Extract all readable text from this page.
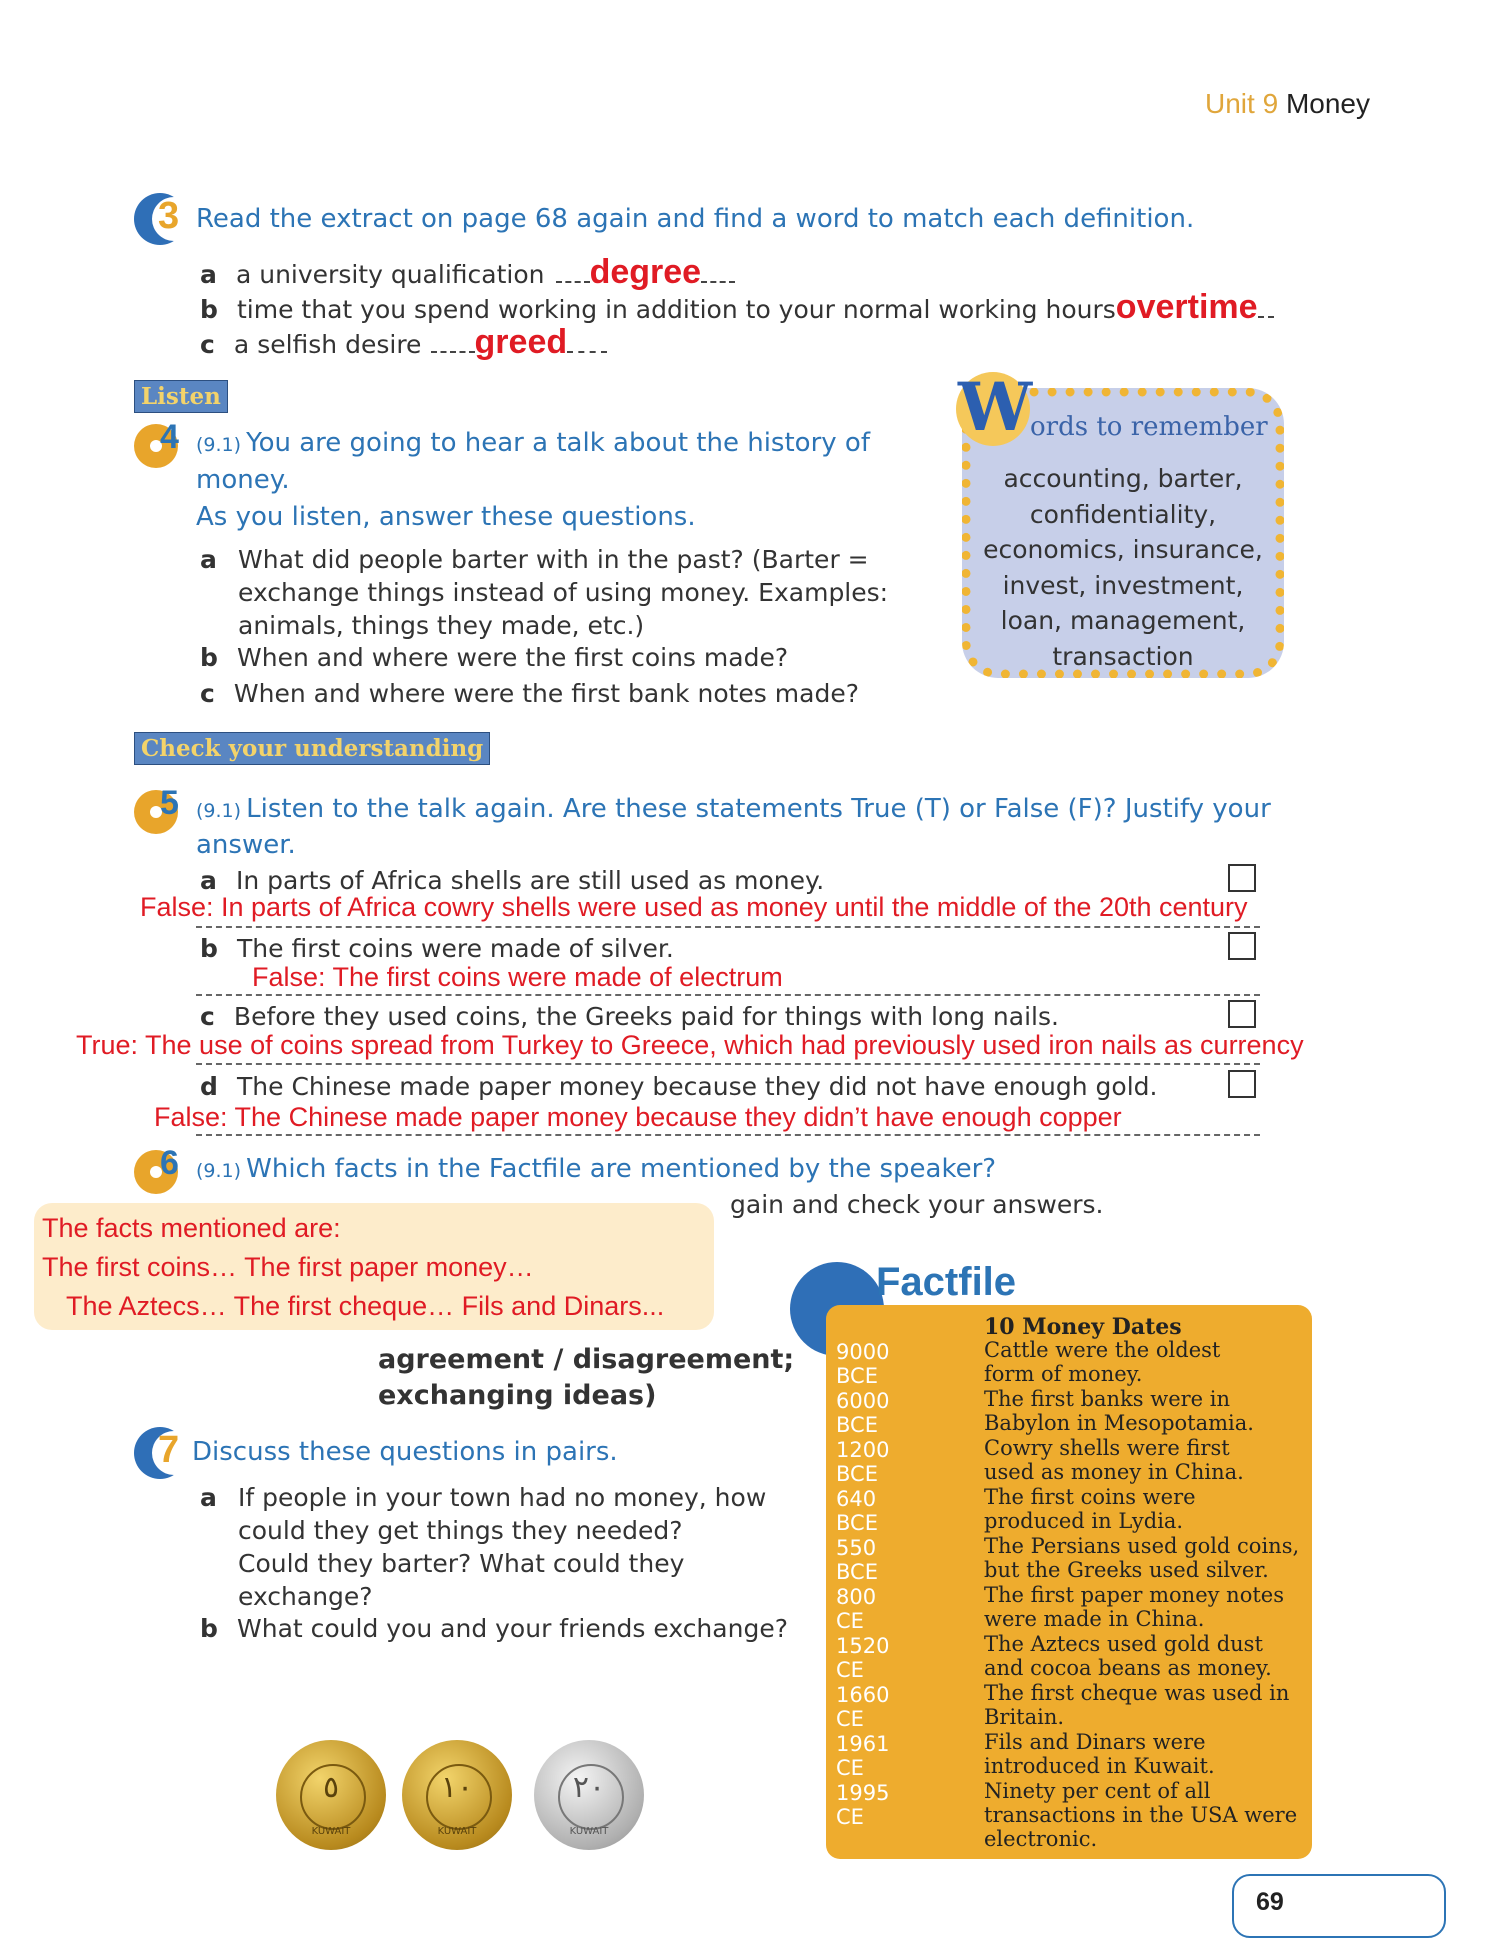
Unit 9 Money
3 Read the extract on page 68 again and find a word to match each definition.
a a university qualification degree
b time that you spend working in addition to your normal working hoursovertime
c a selfish desire greed
Listen
4 (9.1) You are going to hear a talk about the history of
money.
As you listen, answer these questions.
a What did people barter with in the past? (Barter =
exchange things instead of using money. Examples:
animals, things they made, etc.)
b When and where were the first coins made?
c When and where were the first bank notes made?
accounting, barter,
confidentiality,
economics, insurance,
invest, investment,
loan, management,
transaction
W
ords to remember
Check your understanding
5 (9.1) Listen to the talk again. Are these statements True (T) or False (F)? Justify your
answer.
a In parts of Africa shells are still used as money.
False: In parts of Africa cowry shells were used as money until the middle of the 20th century
b The first coins were made of silver.
False: The first coins were made of electrum
c Before they used coins, the Greeks paid for things with long nails.
True: The use of coins spread from Turkey to Greece, which had previously used iron nails as currency
d The Chinese made paper money because they did not have enough gold.
False: The Chinese made paper money because they didn’t have enough copper
6 (9.1) Which facts in the Factfile are mentioned by the speaker?
gain and check your answers.
The facts mentioned are:
The first coins… The first paper money…
The Aztecs… The first cheque… Fils and Dinars...
agreement / disagreement;
exchanging ideas)
7 Discuss these questions in pairs.
a If people in your town had no money, how
could they get things they needed?
Could they barter? What could they
exchange?
b What could you and your friends exchange?
٥
KUWAIT
١٠
KUWAIT
٢٠
KUWAIT
Factfile
10 Money Dates
9000 BCE
Cattle were the oldest
form of money.
6000 BCE
The first banks were in
Babylon in Mesopotamia.
1200 BCE
Cowry shells were first
used as money in China.
640 BCE
The first coins were
produced in Lydia.
550 BCE
The Persians used gold coins,
but the Greeks used silver.
800 CE
The first paper money notes
were made in China.
1520 CE
The Aztecs used gold dust
and cocoa beans as money.
1660 CE
The first cheque was used in
Britain.
1961 CE
Fils and Dinars were
introduced in Kuwait.
1995 CE
Ninety per cent of all
transactions in the USA were
electronic.
69
